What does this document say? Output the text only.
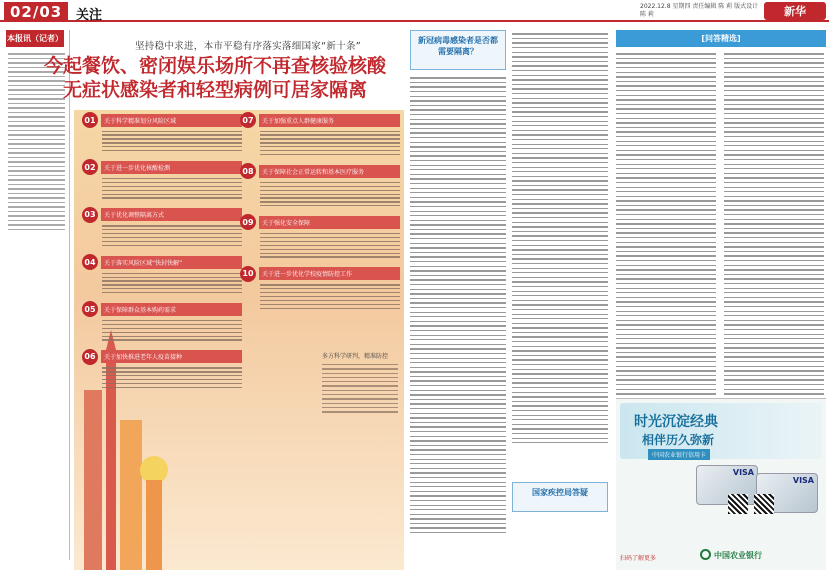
02/03	关注
2022.12.8 星期四 责任编辑 陈 莉 版式设计 陈 莉	新华
本报讯（记者）
坚持稳中求进，本市平稳有序落实落细国家“新十条”
今起餐饮、密闭娱乐场所不再查核验核酸
无症状感染者和轻型病例可居家隔离
01	关于科学精准划分风险区域
02	关于进一步优化核酸检测
03	关于优化调整隔离方式
04	关于落实风险区域“快封快解”
05	关于保障群众基本购药需求
06	关于加快推进老年人疫苗接种
07	关于加强重点人群健康服务
08	关于保障社会正常运转和基本医疗服务
09	关于强化安全保障
10	关于进一步优化学校疫情防控工作
多方科学研判，精准防控
新冠病毒感染者是否都需要隔离？
国家疾控局答疑
[问答精选]
时光沉淀经典
相伴历久弥新
中国农业银行信用卡
VISA
VISA
中国农业银行
扫码了解更多
